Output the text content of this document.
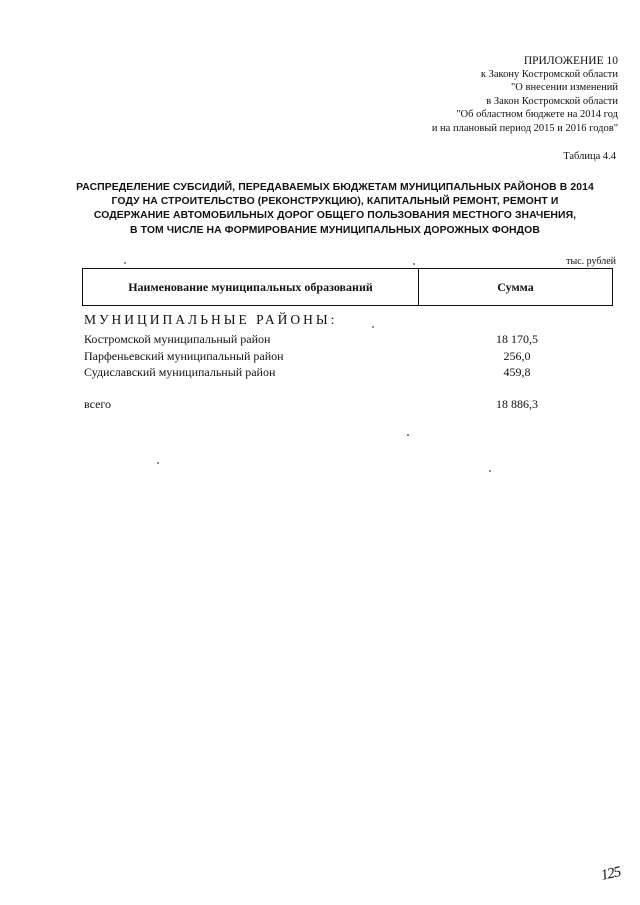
ПРИЛОЖЕНИЕ 10
к Закону Костромской области
"О внесении изменений
в Закон Костромской области
"Об областном бюджете на 2014 год
и на плановый период 2015 и 2016 годов"
Таблица 4.4
РАСПРЕДЕЛЕНИЕ СУБСИДИЙ, ПЕРЕДАВАЕМЫХ БЮДЖЕТАМ МУНИЦИПАЛЬНЫХ РАЙОНОВ В 2014
ГОДУ НА СТРОИТЕЛЬСТВО (РЕКОНСТРУКЦИЮ), КАПИТАЛЬНЫЙ РЕМОНТ, РЕМОНТ И
СОДЕРЖАНИЕ АВТОМОБИЛЬНЫХ ДОРОГ ОБЩЕГО ПОЛЬЗОВАНИЯ МЕСТНОГО ЗНАЧЕНИЯ,
В ТОМ ЧИСЛЕ НА ФОРМИРОВАНИЕ МУНИЦИПАЛЬНЫХ ДОРОЖНЫХ ФОНДОВ
тыс. рублей
Наименование муниципальных образований	Сумма
МУНИЦИПАЛЬНЫЕ РАЙОНЫ:
Костромской муниципальный район	18 170,5
Парфеньевский муниципальный район	256,0
Судиславский муниципальный район	459,8
всего	18 886,3
125
